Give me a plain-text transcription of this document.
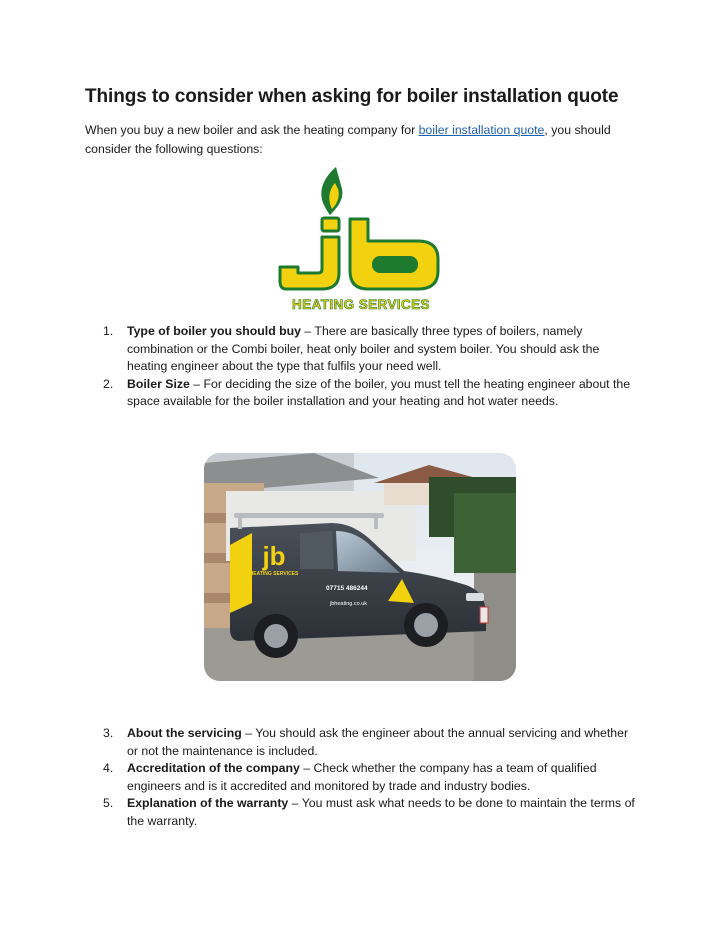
Things to consider when asking for boiler installation quote
When you buy a new boiler and ask the heating company for boiler installation quote, you should consider the following questions:
HEATING SERVICES
1. Type of boiler you should buy – There are basically three types of boilers, namely combination or the Combi boiler, heat only boiler and system boiler. You should ask the heating engineer about the type that fulfils your need well.
2. Boiler Size – For deciding the size of the boiler, you must tell the heating engineer about the space available for the boiler installation and your heating and hot water needs.
jb
HEATING SERVICES
07715 486244
jbheating.co.uk
3. About the servicing – You should ask the engineer about the annual servicing and whether or not the maintenance is included.
4. Accreditation of the company – Check whether the company has a team of qualified engineers and is it accredited and monitored by trade and industry bodies.
5. Explanation of the warranty – You must ask what needs to be done to maintain the terms of the warranty.
